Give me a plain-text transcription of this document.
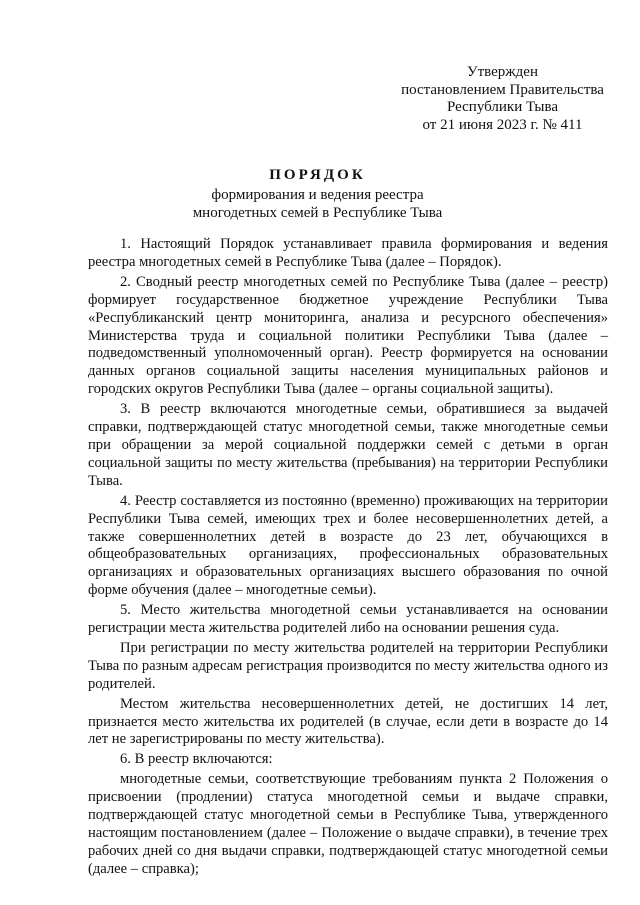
Утвержден
постановлением Правительства
Республики Тыва
от 21 июня 2023 г. № 411
ПОРЯДОК
формирования и ведения реестра
многодетных семей в Республике Тыва

1. Настоящий Порядок устанавливает правила формирования и ведения реестра многодетных семей в Республике Тыва (далее – Порядок).

2. Сводный реестр многодетных семей по Республике Тыва (далее – реестр) формирует государственное бюджетное учреждение Республики Тыва «Республиканский центр мониторинга, анализа и ресурсного обеспечения» Министерства труда и социальной политики Республики Тыва (далее – подведомственный уполномоченный орган). Реестр формируется на основании данных органов социальной защиты населения муниципальных районов и городских округов Республики Тыва (далее – органы социальной защиты).

3. В реестр включаются многодетные семьи, обратившиеся за выдачей справки, подтверждающей статус многодетной семьи, также многодетные семьи при обращении за мерой социальной поддержки семей с детьми в орган социальной защиты по месту жительства (пребывания) на территории Республики Тыва.

4. Реестр составляется из постоянно (временно) проживающих на территории Республики Тыва семей, имеющих трех и более несовершеннолетних детей, а также совершеннолетних детей в возрасте до 23 лет, обучающихся в общеобразовательных организациях, профессиональных образовательных организациях и образовательных организациях высшего образования по очной форме обучения (далее – многодетные семьи).

5. Место жительства многодетной семьи устанавливается на основании регистрации места жительства родителей либо на основании решения суда.

При регистрации по месту жительства родителей на территории Республики Тыва по разным адресам регистрация производится по месту жительства одного из родителей.

Местом жительства несовершеннолетних детей, не достигших 14 лет, признается место жительства их родителей (в случае, если дети в возрасте до 14 лет не зарегистрированы по месту жительства).

6. В реестр включаются:

многодетные семьи, соответствующие требованиям пункта 2 Положения о присвоении (продлении) статуса многодетной семьи и выдаче справки, подтверждающей статус многодетной семьи в Республике Тыва, утвержденного настоящим постановлением (далее – Положение о выдаче справки), в течение трех рабочих дней со дня выдачи справки, подтверждающей статус многодетной семьи (далее – справка);
